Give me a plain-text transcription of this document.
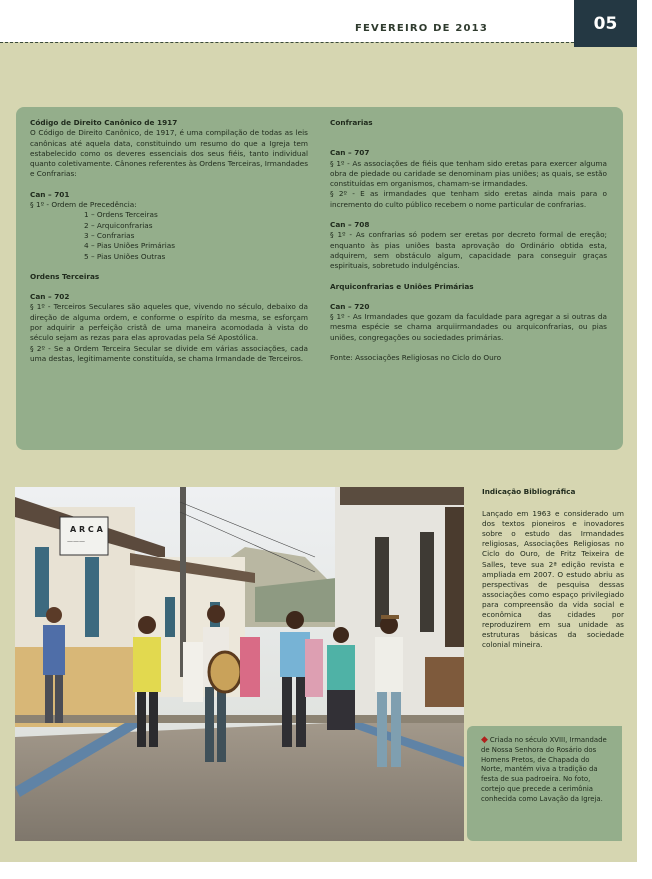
FEVEREIRO DE 2013	05

Código de Direito Canônico de 1917

O Código de Direito Canônico, de 1917, é uma compilação de todas as leis canônicas até aquela data, constituindo um resumo do que a Igreja tem estabelecido como os deveres essenciais dos seus fiéis, tanto individual quanto coletivamente. Cânones referentes às Ordens Terceiras, Irmandades e Confrarias:

Can – 701

§ 1º - Ordem de Precedência:

1 – Ordens Terceiras

2 – Arquiconfrarias

3 – Confrarias

4 – Pias Uniões Primárias

5 – Pias Uniões Outras

Ordens Terceiras

Can – 702

§ 1º - Terceiros Seculares são aqueles que, vivendo no século, debaixo da direção de alguma ordem, e conforme o espírito da mesma, se esforçam por adquirir a perfeição cristã de uma maneira acomodada à vista do século sejam as rezas para elas aprovadas pela Sé Apostólica.

§ 2º - Se a Ordem Terceira Secular se divide em várias associações, cada uma destas, legitimamente constituída, se chama Irmandade de Terceiros.

Confrarias

Can – 707

§ 1º - As associações de fiéis que tenham sido eretas para exercer alguma obra de piedade ou caridade se denominam pias uniões; as quais, se estão constituídas em organismos, chamam-se irmandades.

§ 2º - E as irmandades que tenham sido eretas ainda mais para o incremento do culto público recebem o nome particular de confrarias.

Can – 708

§ 1º - As confrarias só podem ser eretas por decreto formal de ereção; enquanto às pias uniões basta aprovação do Ordinário obtida esta, adquirem, sem obstáculo algum, capacidade para conseguir graças espirituais, sobretudo indulgências.

Arquiconfrarias e Uniões Primárias

Can – 720

§ 1º - As Irmandades que gozam da faculdade para agregar a si outras da mesma espécie se chama arquiirmandades ou arquiconfrarias, ou pias uniões, congregações ou sociedades primárias.

Fonte: Associações Religiosas no Ciclo do Ouro

A R C A
———

Indicação Bibliográfica

Lançado em 1963 e considerado um dos textos pioneiros e inovadores sobre o estudo das Irmandades religiosas, Associações Religiosas no Ciclo do Ouro, de Fritz Teixeira de Salles, teve sua 2ª edição revista e ampliada em 2007. O estudo abriu as perspectivas de pesquisa dessas associações como espaço privilegiado para compreensão da vida social e econômica das cidades por reproduzirem em sua unidade as estruturas básicas da sociedade colonial mineira.

◆ Criada no século XVIII, Irmandade de Nossa Senhora do Rosário dos Homens Pretos, de Chapada do Norte, mantém viva a tradição da festa de sua padroeira. No foto, cortejo que precede a cerimônia conhecida como Lavação da Igreja.
